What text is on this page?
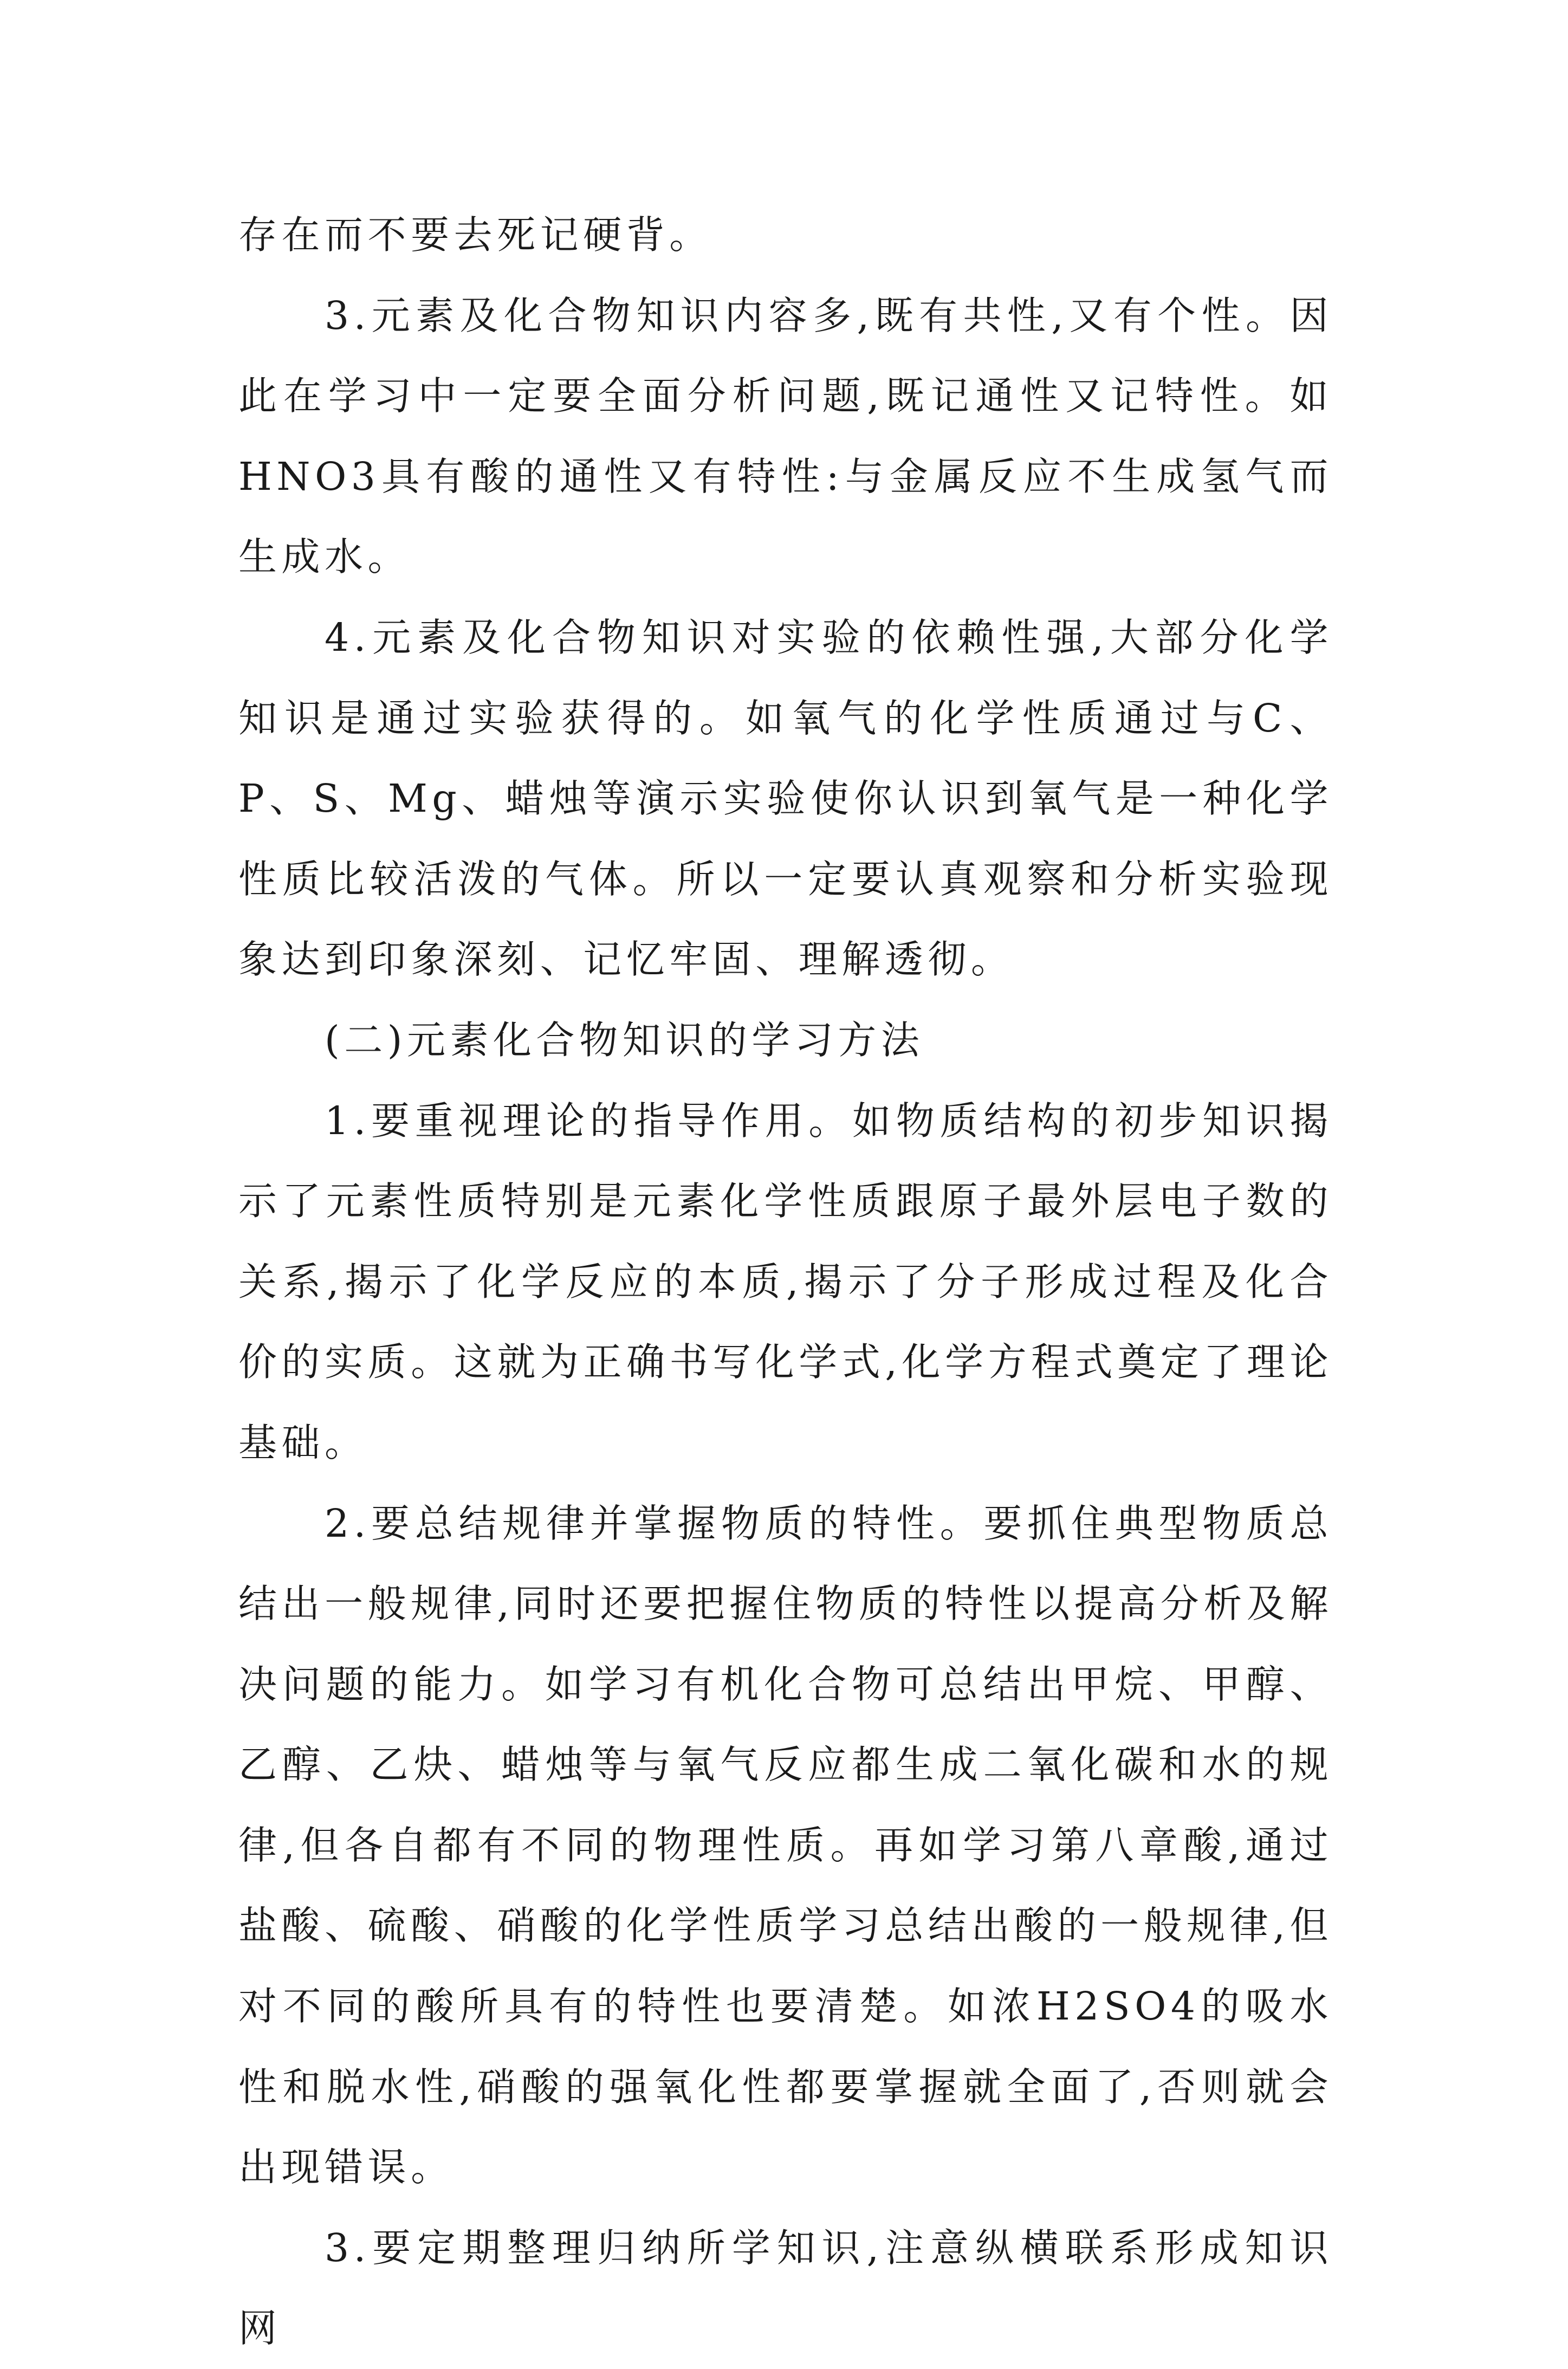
存在而不要去死记硬背。

3.元素及化合物知识内容多,既有共性,又有个性。因此在学习中一定要全面分析问题,既记通性又记特性。如HNO3具有酸的通性又有特性:与金属反应不生成氢气而生成水。

4.元素及化合物知识对实验的依赖性强,大部分化学知识是通过实验获得的。如氧气的化学性质通过与C、P、S、Mg、蜡烛等演示实验使你认识到氧气是一种化学性质比较活泼的气体。所以一定要认真观察和分析实验现象达到印象深刻、记忆牢固、理解透彻。

(二)元素化合物知识的学习方法

1.要重视理论的指导作用。如物质结构的初步知识揭示了元素性质特别是元素化学性质跟原子最外层电子数的关系,揭示了化学反应的本质,揭示了分子形成过程及化合价的实质。这就为正确书写化学式,化学方程式奠定了理论基础。

2.要总结规律并掌握物质的特性。要抓住典型物质总结出一般规律,同时还要把握住物质的特性以提高分析及解决问题的能力。如学习有机化合物可总结出甲烷、甲醇、乙醇、乙炔、蜡烛等与氧气反应都生成二氧化碳和水的规律,但各自都有不同的物理性质。再如学习第八章酸,通过盐酸、硫酸、硝酸的化学性质学习总结出酸的一般规律,但对不同的酸所具有的特性也要清楚。如浓H2SO4的吸水性和脱水性,硝酸的强氧化性都要掌握就全面了,否则就会出现错误。

3.要定期整理归纳所学知识,注意纵横联系形成知识网
